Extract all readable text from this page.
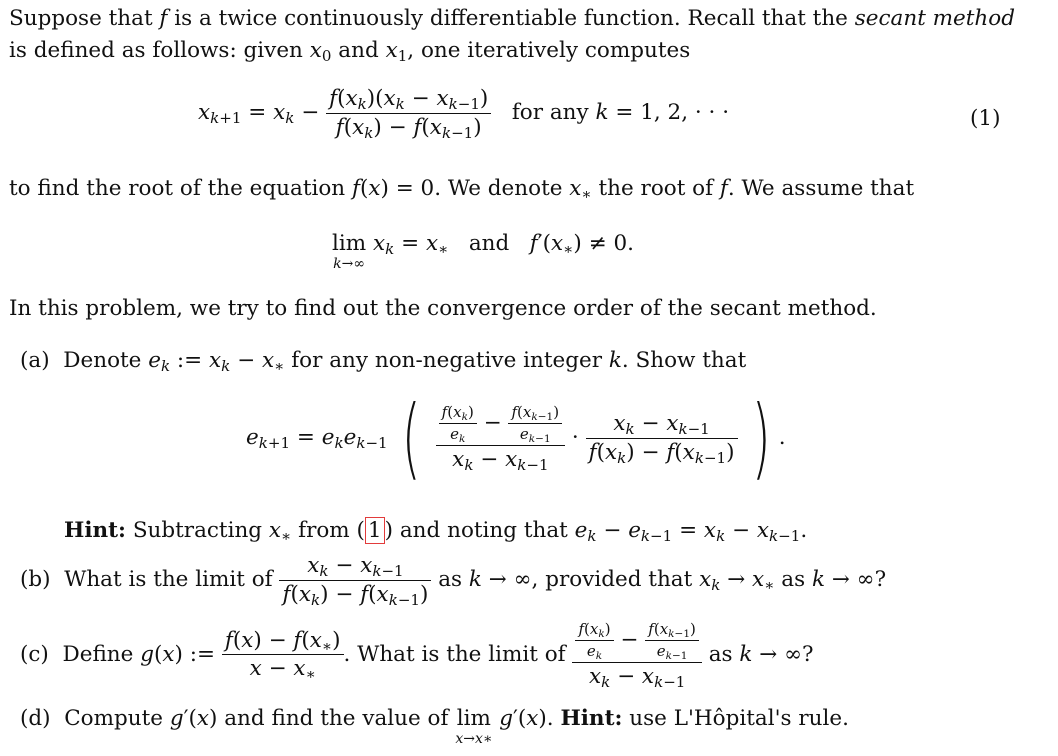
Suppose that f is a twice continuously differentiable function. Recall that the secant method
is defined as follows: given $x_0$ and $x_1$, one iteratively computes
$x_{k+1} = x_k - \frac{f(x_k)(x_k - x_{k-1})}{f(x_k) - f(x_{k-1})}$ for any k = 1, 2, · · ·	(1)
to find the root of the equation f(x) = 0. We denote $x_∗$ the root of f. We assume that
lim
k→∞
$x_k = x_∗$ and $f'(x_∗) \ne 0$.
In this problem, we try to find out the convergence order of the secant method.
(a) Denote $e_k$ := $x_k - x_∗$ for any non-negative integer k. Show that
$e_{k+1} = e_ke_{k-1}$ ( $\frac{\frac{f(x_k)}{e_k} - \frac{f(x_{k-1})}{e_{k-1}}}{x_k - x_{k-1}} \cdot \frac{x_k - x_{k-1}}{f(x_k) - f(x_{k-1})}$ ) .
Hint: Subtracting $x_∗$ from ( 1 ) and noting that $e_k - e_{k-1} = x_k - x_{k-1}$.
(b) What is the limit of $\frac{x_k - x_{k-1}}{f(x_k) - f(x_{k-1})}$ as k → ∞, provided that $x_k \to x_∗$ as k → ∞?
(c) Define g(x) := $\frac{f(x) - f(x_∗)}{x - x_∗}$ . What is the limit of $\frac{\frac{f(x_k)}{e_k} - \frac{f(x_{k-1})}{e_{k-1}}}{x_k - x_{k-1}}$ as k → ∞?
(d) Compute g′(x) and find the value of lim
x→x∗
g′(x). Hint: use L'Hôpital's rule.
